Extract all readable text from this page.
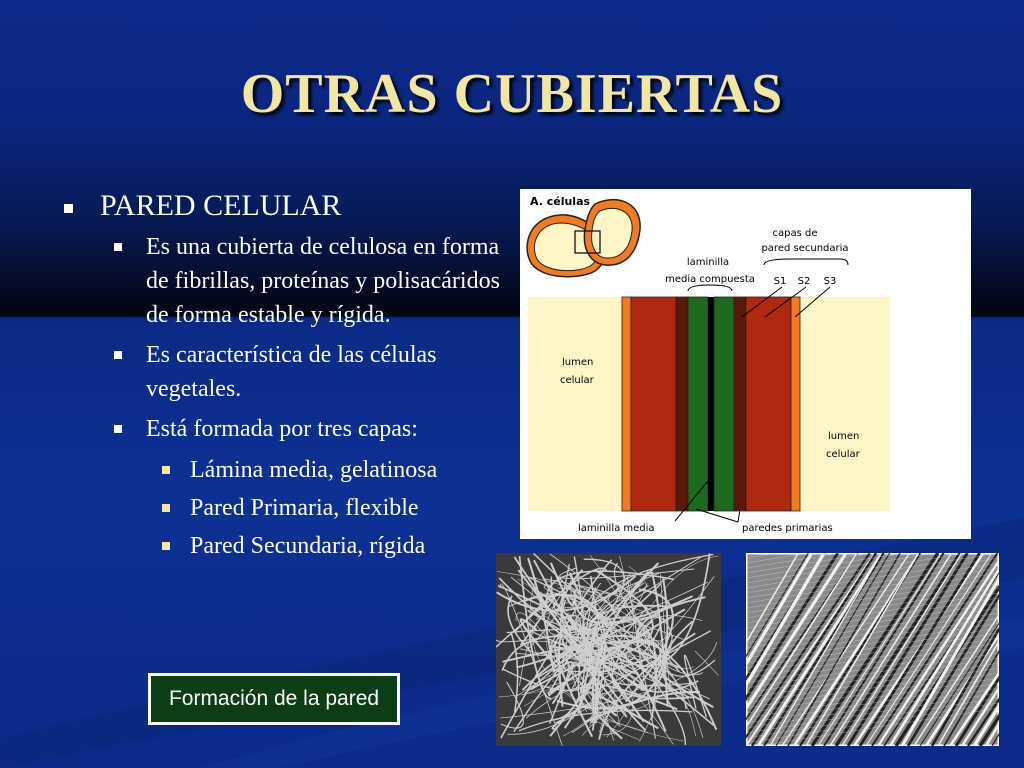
OTRAS CUBIERTAS
PARED CELULAR
Es una cubierta de celulosa en forma de fibrillas, proteínas y polisacáridos de forma estable y rígida.
Es característica de las células vegetales.
Está formada por tres capas:
Lámina media, gelatinosa
Pared Primaria, flexible
Pared Secundaria, rígida
A. células
capas de
pared secundaria
laminilla
media compuesta S1 S2 S3
lumen
celular
lumen
celular
laminilla media	paredes primarias
Formación de la pared
